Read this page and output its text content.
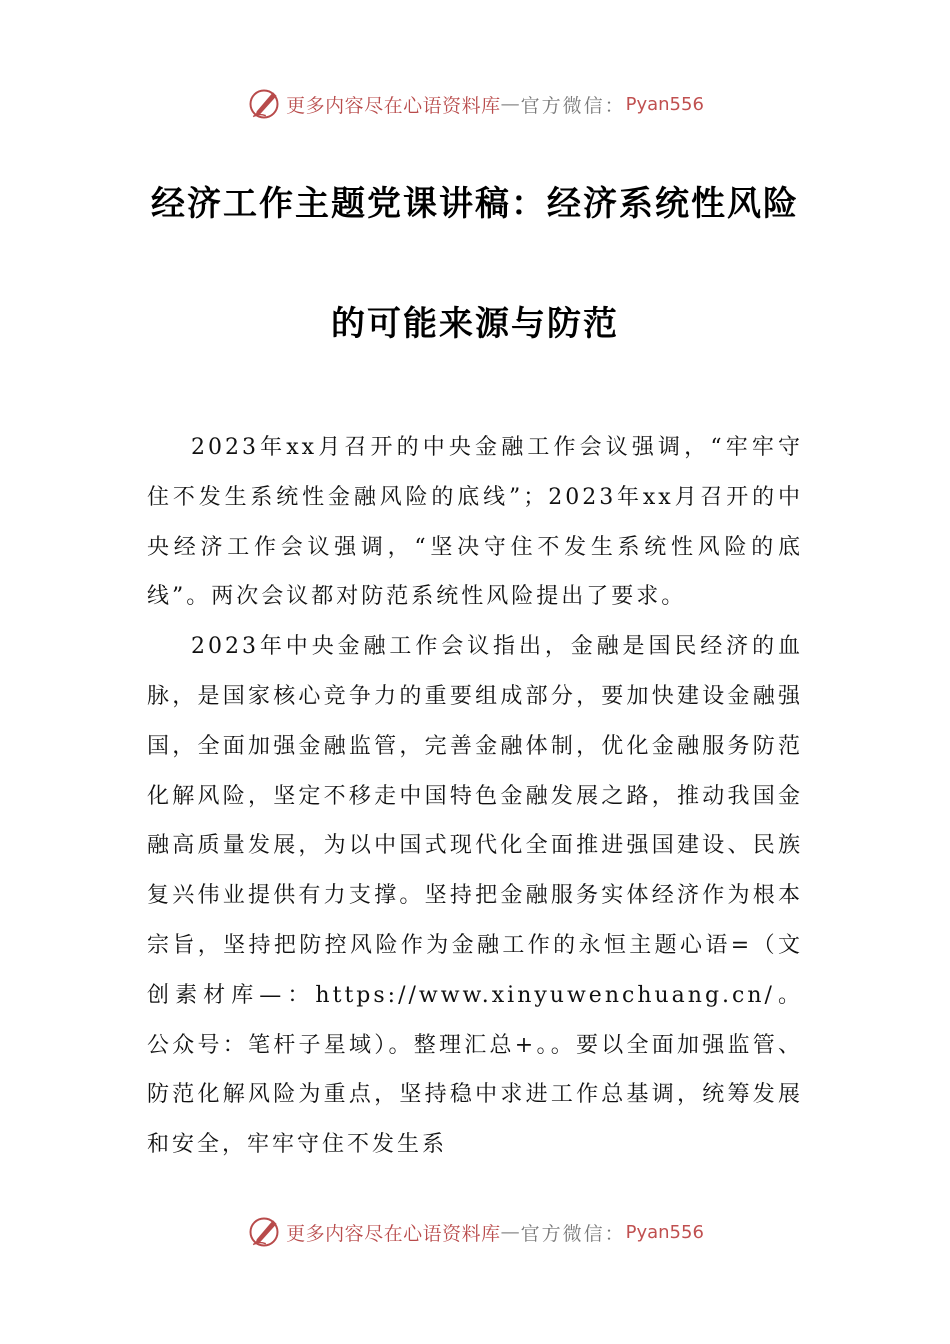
更多内容尽在心语资料库 — 官方微信： Pyan556
经济工作主题党课讲稿：经济系统性风险
的可能来源与防范

2023年xx月召开的中央金融工作会议强调，“牢牢守住不发生系统性金融风险的底线”；2023年xx月召开的中央经济工作会议强调，“坚决守住不发生系统性风险的底线”。两次会议都对防范系统性风险提出了要求。

2023年中央金融工作会议指出，金融是国民经济的血脉，是国家核心竞争力的重要组成部分，要加快建设金融强国，全面加强金融监管，完善金融体制，优化金融服务防范化解风险，坚定不移走中国特色金融发展之路，推动我国金融高质量发展，为以中国式现代化全面推进强国建设、民族复兴伟业提供有力支撑。坚持把金融服务实体经济作为根本宗旨，坚持把防控风险作为金融工作的永恒主题心语=（文创素材库—：https://www.xinyuwenchuang.cn/。公众号：笔杆子星域）。整理汇总+。。要以全面加强监管、防范化解风险为重点，坚持稳中求进工作总基调，统筹发展和安全，牢牢守住不发生系

更多内容尽在心语资料库 — 官方微信： Pyan556
